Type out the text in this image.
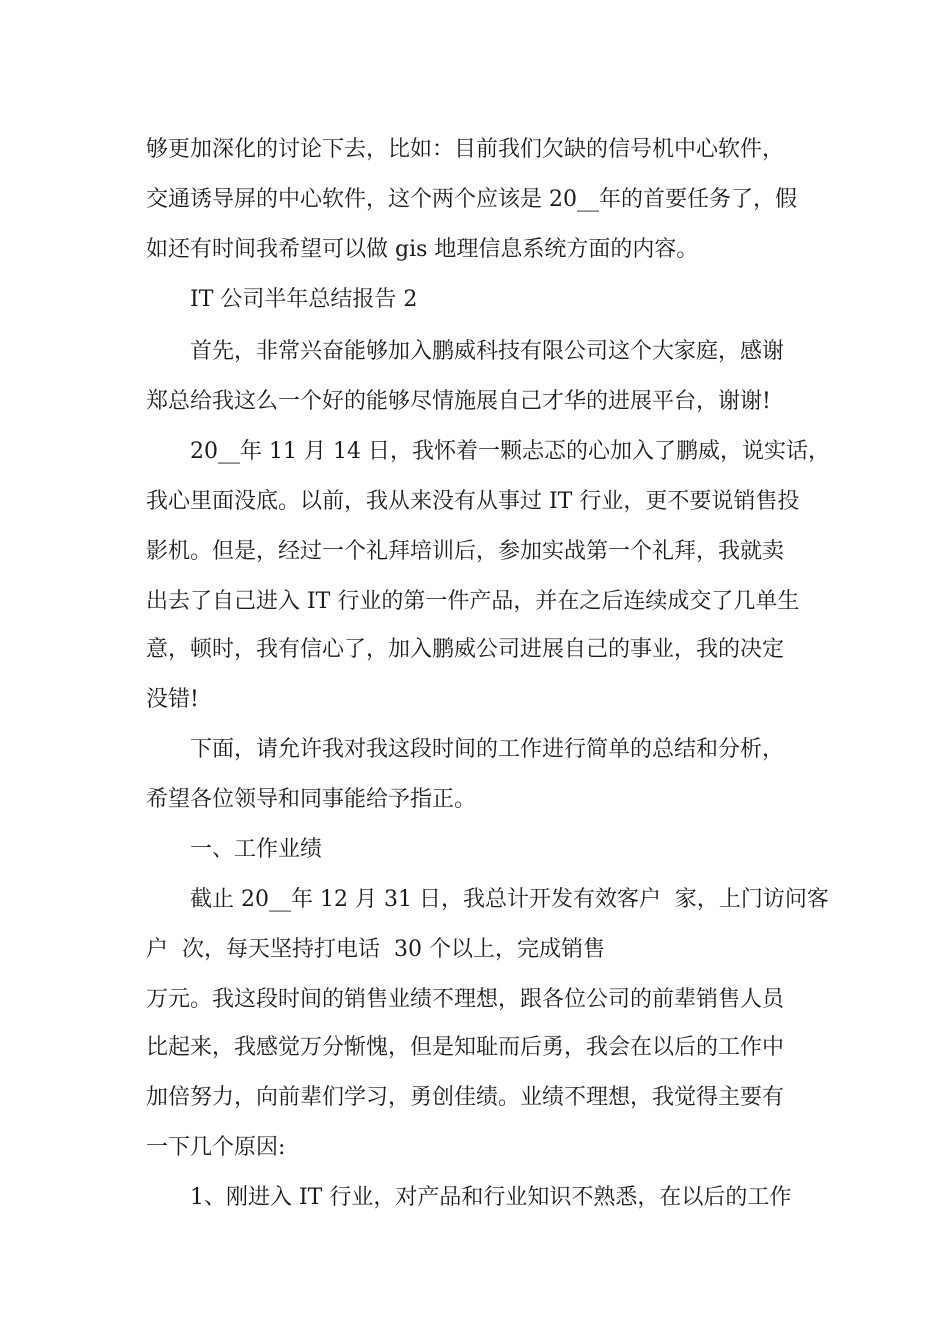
够更加深化的讨论下去，比如：目前我们欠缺的信号机中心软件，
交通诱导屏的中心软件，这个两个应该是 20__年的首要任务了，假
如还有时间我希望可以做 gis 地理信息系统方面的内容。
IT 公司半年总结报告 2
首先，非常兴奋能够加入鹏威科技有限公司这个大家庭，感谢
郑总给我这么一个好的能够尽情施展自己才华的进展平台，谢谢!
20__年 11 月 14 日，我怀着一颗忐忑的心加入了鹏威，说实话，
我心里面没底。以前，我从来没有从事过 IT 行业，更不要说销售投
影机。但是，经过一个礼拜培训后，参加实战第一个礼拜，我就卖
出去了自己进入 IT 行业的第一件产品，并在之后连续成交了几单生
意，顿时，我有信心了，加入鹏威公司进展自己的事业，我的决定
没错!
下面，请允许我对我这段时间的工作进行简单的总结和分析，
希望各位领导和同事能给予指正。
一、工作业绩
截止 20__年 12 月 31 日，我总计开发有效客户  家，上门访问客
户  次，每天坚持打电话  30 个以上，完成销售
万元。我这段时间的销售业绩不理想，跟各位公司的前辈销售人员
比起来，我感觉万分惭愧，但是知耻而后勇，我会在以后的工作中
加倍努力，向前辈们学习，勇创佳绩。业绩不理想，我觉得主要有
一下几个原因:
1、刚进入 IT 行业，对产品和行业知识不熟悉，在以后的工作
